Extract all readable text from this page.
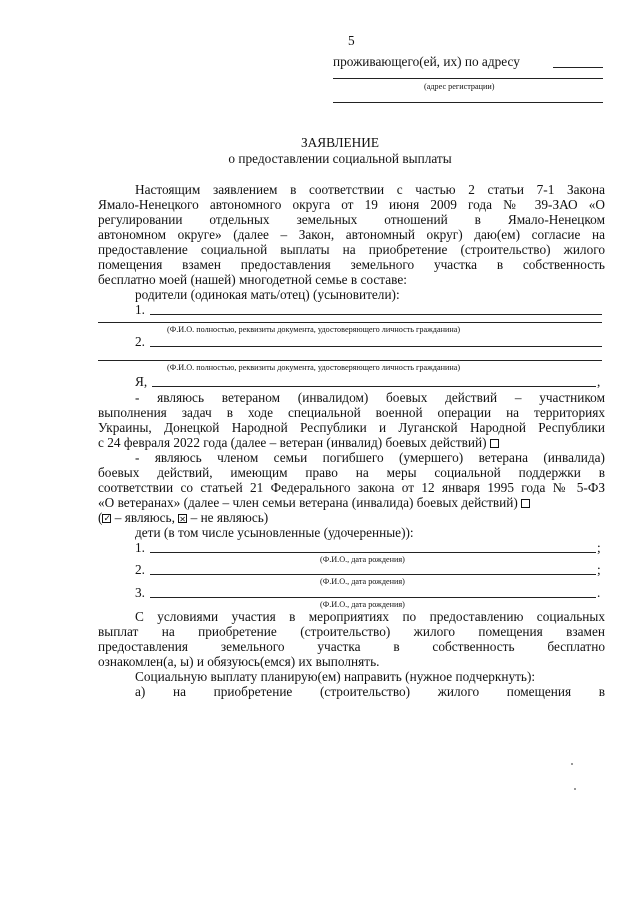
5
проживающего(ей, их) по адресу
(адрес регистрации)
ЗАЯВЛЕНИЕ
о предоставлении социальной выплаты
Настоящим заявлением в соответствии с частью 2 статьи 7-1 Закона
Ямало-Ненецкого автономного округа от 19 июня 2009 года № 39-ЗАО «О
регулировании отдельных земельных отношений в Ямало-Ненецком
автономном округе» (далее – Закон, автономный округ) даю(ем) согласие на
предоставление социальной выплаты на приобретение (строительство) жилого
помещения взамен предоставления земельного участка в собственность
бесплатно моей (нашей) многодетной семье в составе:
родители (одинокая мать/отец) (усыновители):
1.
(Ф.И.О. полностью, реквизиты документа, удостоверяющего личность гражданина)
2.
(Ф.И.О. полностью, реквизиты документа, удостоверяющего личность гражданина)
Я,	,
- являюсь ветераном (инвалидом) боевых действий – участником
выполнения задач в ходе специальной военной операции на территориях
Украины, Донецкой Народной Республики и Луганской Народной Республики
с 24 февраля 2022 года (далее – ветеран (инвалид) боевых действий)
- являюсь членом семьи погибшего (умершего) ветерана (инвалида)
боевых действий, имеющим право на меры социальной поддержки в
соответствии со статьей 21 Федерального закона от 12 января 1995 года № 5-ФЗ
«О ветеранах» (далее – член семьи ветерана (инвалида) боевых действий)
( ✓ – являюсь, ✕ – не являюсь)
дети (в том числе усыновленные (удочеренные)):
1.	;
(Ф.И.О., дата рождения)
2.	;
(Ф.И.О., дата рождения)
3.	.
(Ф.И.О., дата рождения)
С условиями участия в мероприятиях по предоставлению социальных
выплат на приобретение (строительство) жилого помещения взамен
предоставления земельного участка в собственность бесплатно
ознакомлен(а, ы) и обязуюсь(емся) их выполнять.
Социальную выплату планирую(ем) направить (нужное подчеркнуть):
а) на приобретение (строительство) жилого помещения в
